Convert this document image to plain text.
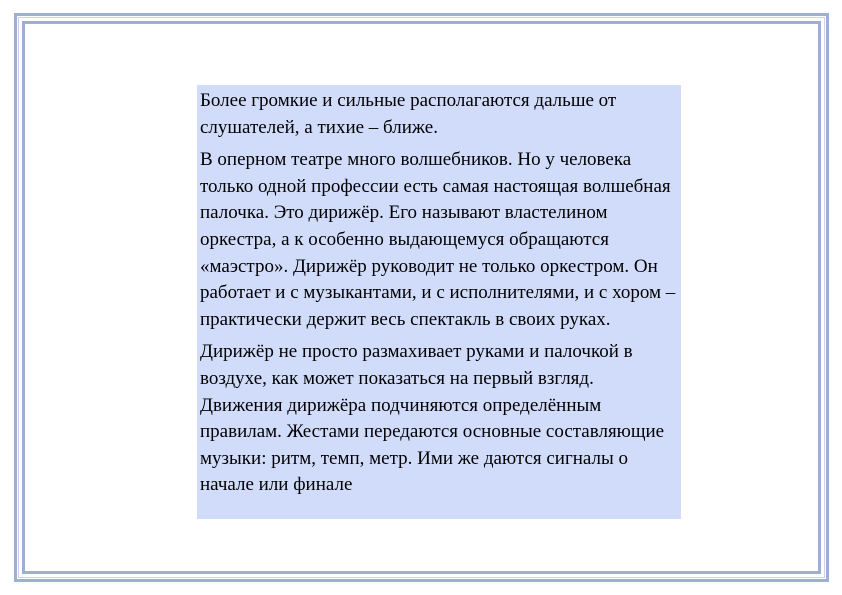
Более громкие и сильные располагаются дальше от слушателей, а тихие – ближе.

В оперном театре много волшебников. Но у человека только одной профессии есть самая настоящая волшебная палочка. Это дирижёр. Его называют властелином оркестра, а к особенно выдающемуся обращаются «маэстро». Дирижёр руководит не только оркестром. Он работает и с музыкантами, и с исполнителями, и с хором – практически держит весь спектакль в своих руках.

Дирижёр не просто размахивает руками и палочкой в воздухе, как может показаться на первый взгляд. Движения дирижёра подчиняются определённым правилам. Жестами передаются основные составляющие музыки: ритм, темп, метр. Ими же даются сигналы о начале или финале
